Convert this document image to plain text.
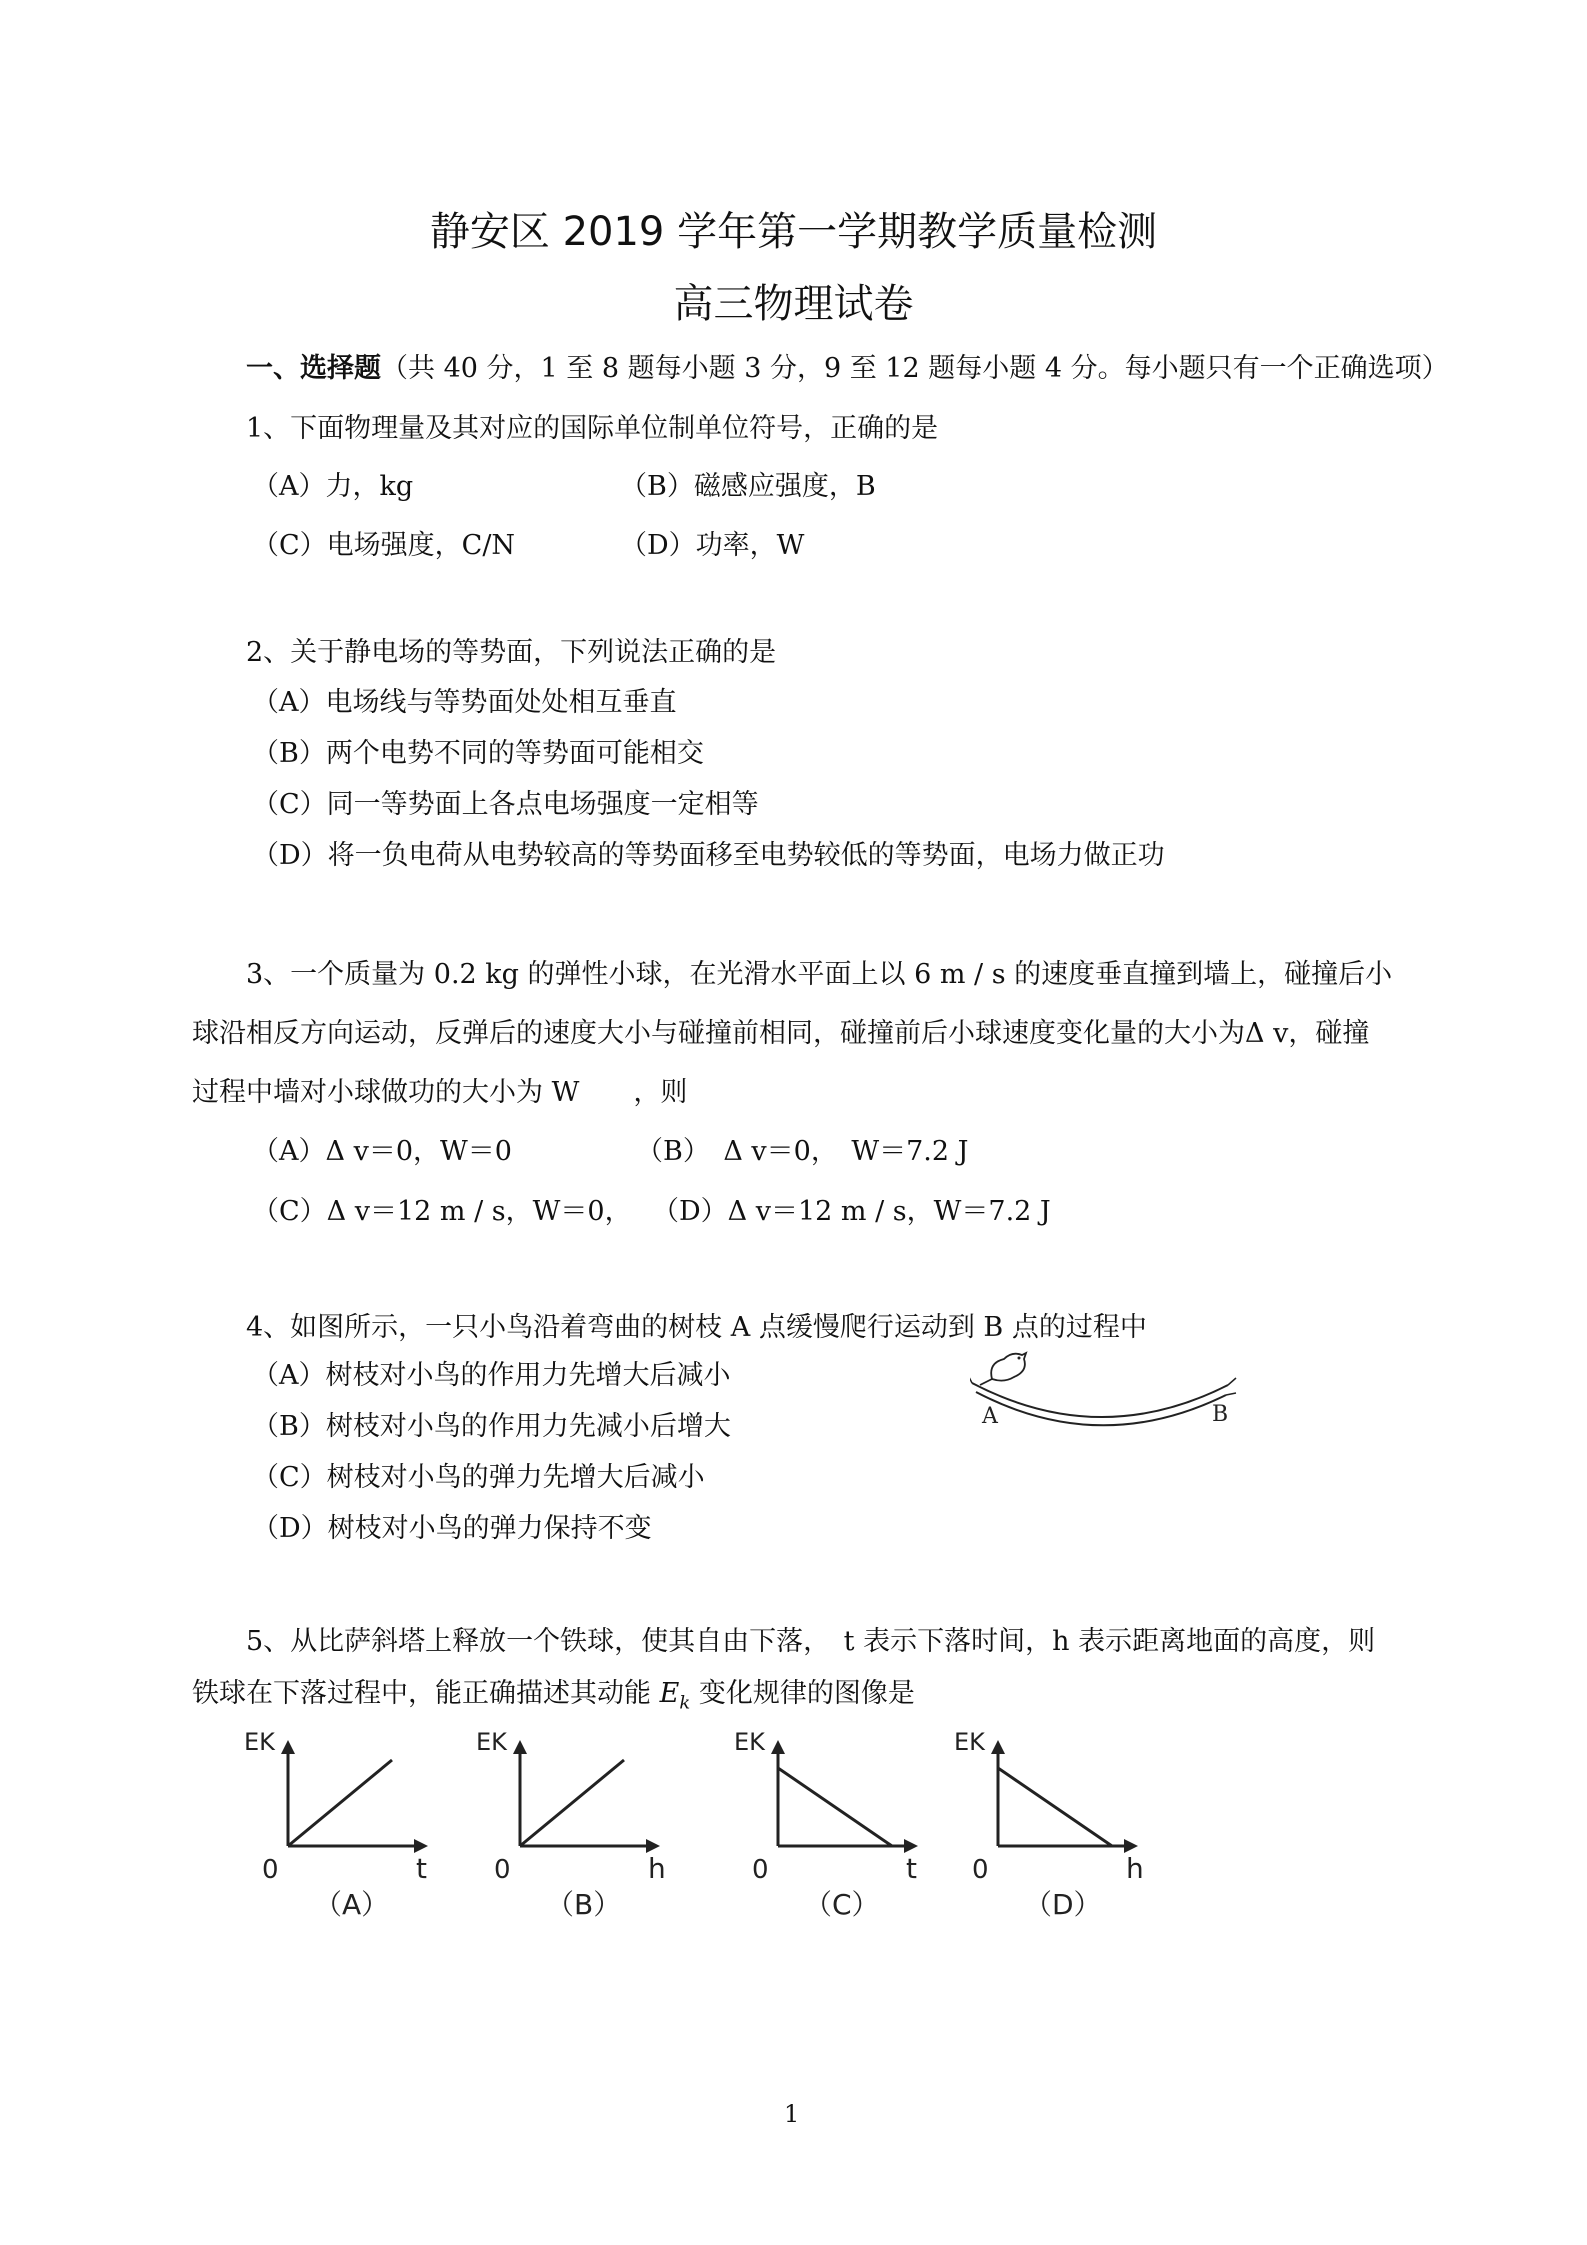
静安区 2019 学年第一学期教学质量检测
高三物理试卷
一、选择题（共 40 分，1 至 8 题每小题 3 分，9 至 12 题每小题 4 分。每小题只有一个正确选项）
1、下面物理量及其对应的国际单位制单位符号，正确的是
（A）力，kg	（B）磁感应强度，B
（C）电场强度，C/N	（D）功率，W
2、关于静电场的等势面，下列说法正确的是
（A）电场线与等势面处处相互垂直
（B）两个电势不同的等势面可能相交
（C）同一等势面上各点电场强度一定相等
（D）将一负电荷从电势较高的等势面移至电势较低的等势面，电场力做正功
3、一个质量为 0.2 kg 的弹性小球，在光滑水平面上以 6 m / s 的速度垂直撞到墙上，碰撞后小
球沿相反方向运动，反弹后的速度大小与碰撞前相同，碰撞前后小球速度变化量的大小为Δ v，碰撞
过程中墙对小球做功的大小为 W　　，则
（A）Δ v＝0，W＝0	（B）　Δ v＝0，　W＝7.2 J
（C）Δ v＝12 m / s，W＝0， （D）Δ v＝12 m / s，W＝7.2 J
4、如图所示，一只小鸟沿着弯曲的树枝 A 点缓慢爬行运动到 B 点的过程中
（A）树枝对小鸟的作用力先增大后减小
（B）树枝对小鸟的作用力先减小后增大
（C）树枝对小鸟的弹力先增大后减小
（D）树枝对小鸟的弹力保持不变
A	B
5、从比萨斜塔上释放一个铁球，使其自由下落，　t 表示下落时间，h 表示距离地面的高度，则
铁球在下落过程中，能正确描述其动能 $E_k$ 变化规律的图像是
EK
0	t
（A）
EK
0	h
（B）
EK
0	t
（C）
EK
0	h
（D）
1
